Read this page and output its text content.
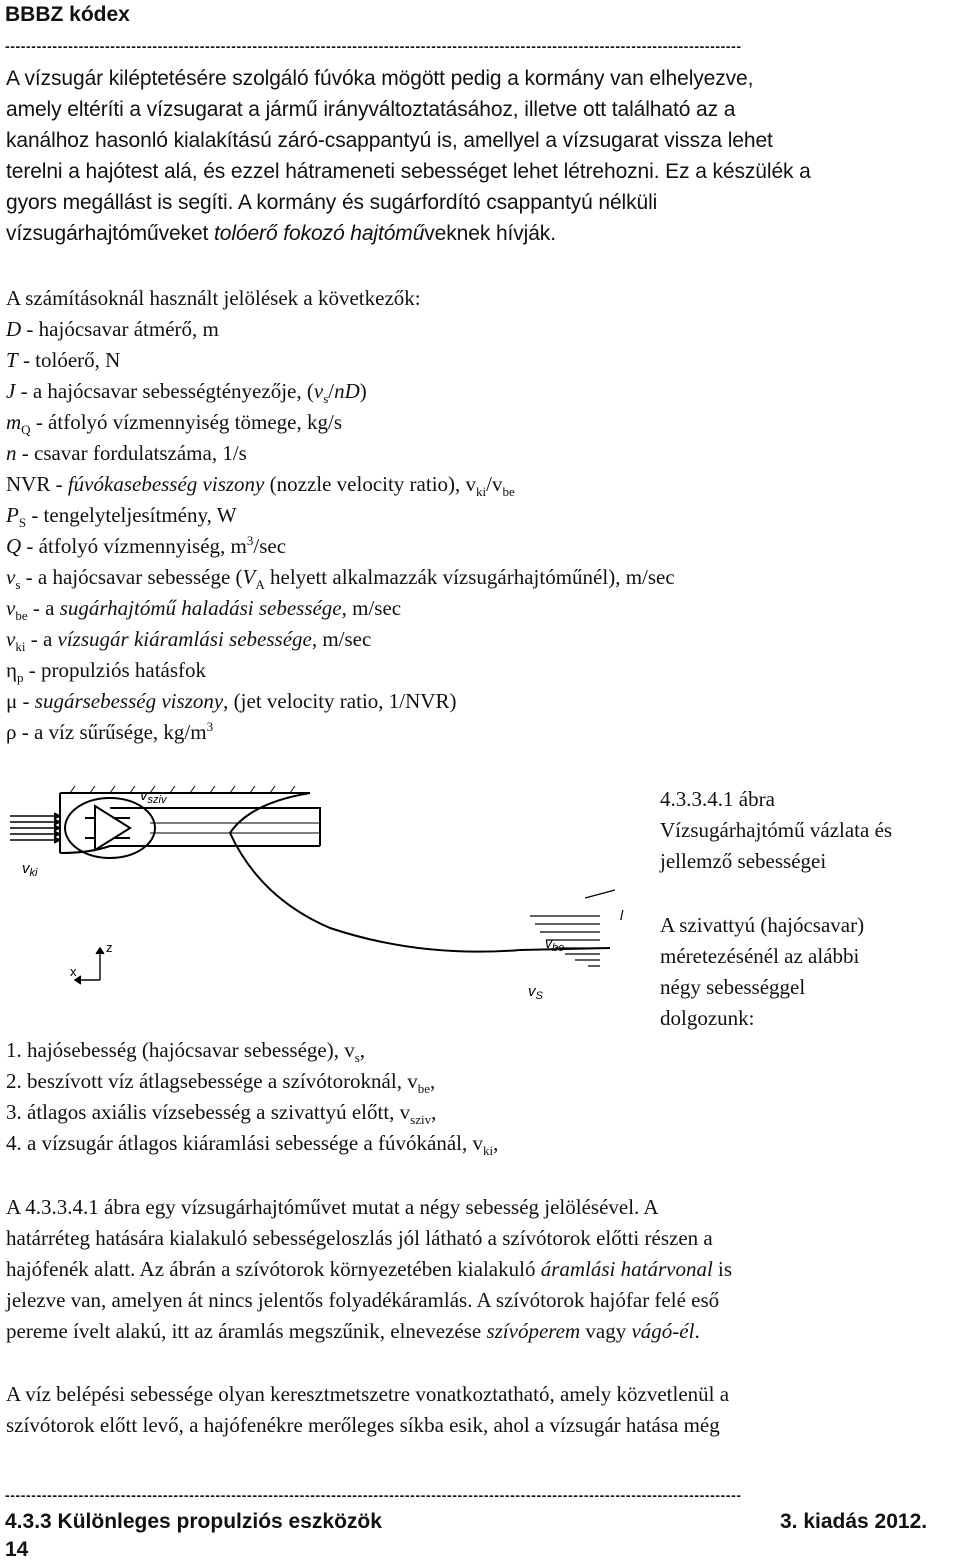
BBBZ kódex
--------------------------------------------------------------------------------------------------------------------------------------------
A vízsugár kiléptetésére szolgáló fúvóka mögött pedig a kormány van elhelyezve,
amely eltéríti a vízsugarat a jármű irányváltoztatásához, illetve ott található az a
kanálhoz hasonló kialakítású záró-csappantyú is, amellyel a vízsugarat vissza lehet
terelni a hajótest alá, és ezzel hátrameneti sebességet lehet létrehozni. Ez a készülék a
gyors megállást is segíti. A kormány és sugárfordító csappantyú nélküli
vízsugárhajtóműveket tolóerő fokozó hajtóműveknek hívják.
A számításoknál használt jelölések a következők:
D - hajócsavar átmérő, m
T - tolóerő, N
J - a hajócsavar sebességtényezője, $(v_s/nD)$
$m_Q$ - átfolyó vízmennyiség tömege, kg/s
n - csavar fordulatszáma, 1/s
NVR - fúvókasebesség viszony (nozzle velocity ratio), $v_{ki}/v_{be}$
$P_S$ - tengelyteljesítmény, W
Q - átfolyó vízmennyiség, $m^3/\sec$
$v_s$ - a hajócsavar sebessége ($V_A$ helyett alkalmazzák vízsugárhajtóműnél), m/sec
$v_{be}$ - a sugárhajtómű haladási sebessége, m/sec
$v_{ki}$ - a vízsugár kiáramlási sebessége, m/sec
$\eta_p$ - propulziós hatásfok
μ - sugársebesség viszony, (jet velocity ratio, 1/NVR)
ρ - a víz sűrűsége, $kg/m^3$
$v_{sziv}$
$v_{ki}$
$v_{be}$
$v_S$
l
x
z
4.3.3.4.1 ábra
Vízsugárhajtómű vázlata és
jellemző sebességei
A szivattyú (hajócsavar)
méretezésénél az alábbi
négy sebességgel
dolgozunk:
1. hajósebesség (hajócsavar sebessége), $v_s$,
2. beszívott víz átlagsebessége a szívótoroknál, $v_{be}$,
3. átlagos axiális vízsebesség a szivattyú előtt, $v_{sziv}$,
4. a vízsugár átlagos kiáramlási sebessége a fúvókánál, $v_{ki}$,
A 4.3.3.4.1 ábra egy vízsugárhajtóművet mutat a négy sebesség jelölésével. A
határréteg hatására kialakuló sebességeloszlás jól látható a szívótorok előtti részen a
hajófenék alatt. Az ábrán a szívótorok környezetében kialakuló áramlási határvonal is
jelezve van, amelyen át nincs jelentős folyadékáramlás. A szívótorok hajófar felé eső
pereme ívelt alakú, itt az áramlás megszűnik, elnevezése szívóperem vagy vágó-él.
A víz belépési sebessége olyan keresztmetszetre vonatkoztatható, amely közvetlenül a
szívótorok előtt levő, a hajófenékre merőleges síkba esik, ahol a vízsugár hatása még
--------------------------------------------------------------------------------------------------------------------------------------------
4.3.3 Különleges propulziós eszközök	3. kiadás 2012.
14
